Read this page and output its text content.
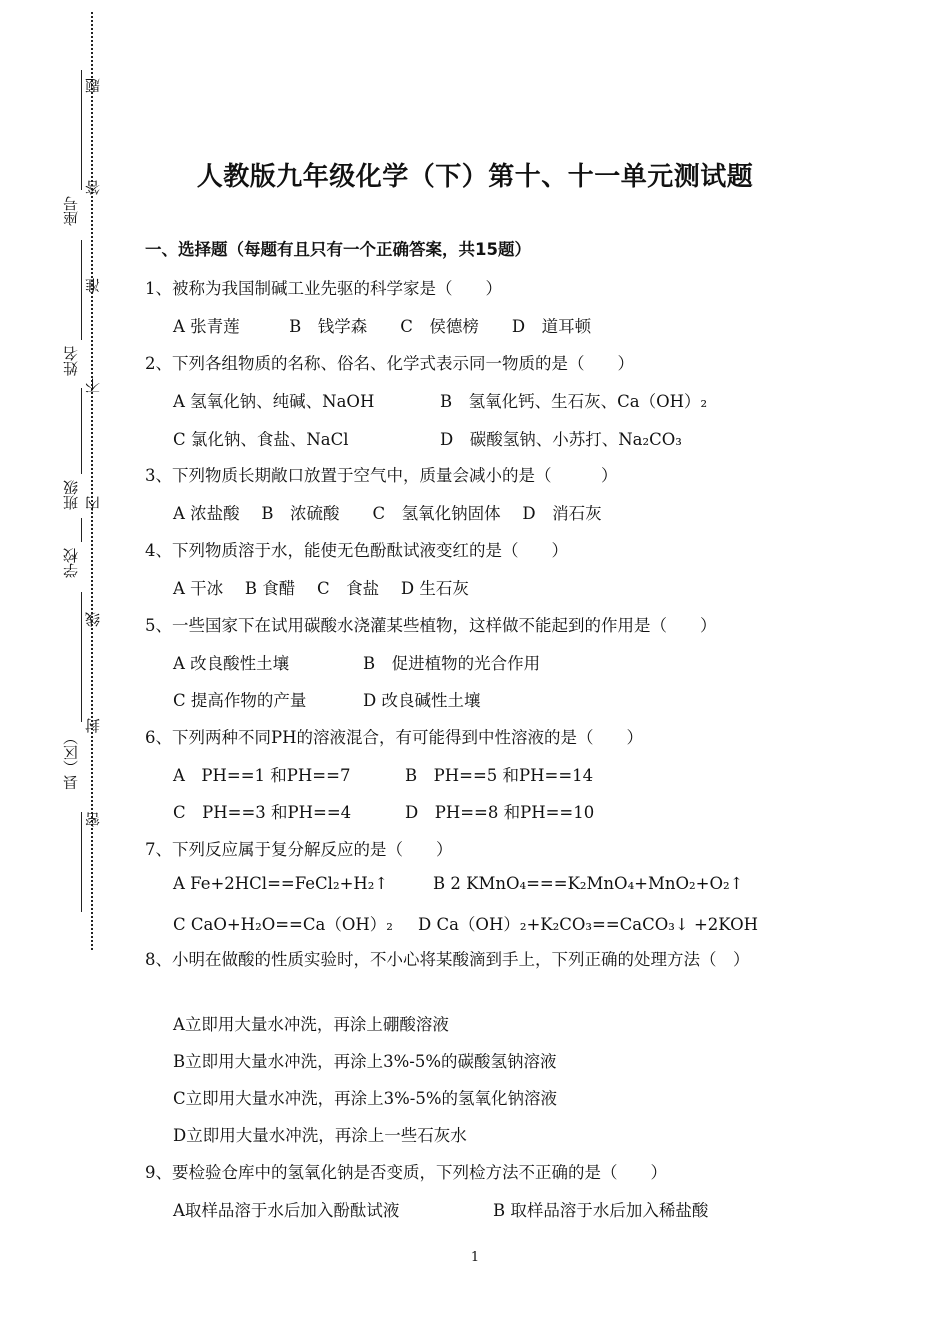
题
答
准
不
内
线
封
密
座号
姓名
班级
学校
县（区）
人教版九年级化学（下）第十、十一单元测试题
一、选择题（每题有且只有一个正确答案，共15题）
1、被称为我国制碱工业先驱的科学家是（　　）
A 张青莲　　　B　钱学森　　C　侯德榜　　D　道耳顿
2、下列各组物质的名称、俗名、化学式表示同一物质的是（　　）
A 氢氧化钠、纯碱、NaOH	B　氢氧化钙、生石灰、Ca（OH）₂
C 氯化钠、食盐、NaCl	D　碳酸氢钠、小苏打、Na₂CO₃
3、下列物质长期敞口放置于空气中，质量会减小的是（　　　）
A 浓盐酸　 B　浓硫酸　　C　氢氧化钠固体　 D　消石灰
4、下列物质溶于水，能使无色酚酞试液变红的是（　　）
A 干冰　 B 食醋　 C　食盐　 D 生石灰
5、一些国家下在试用碳酸水浇灌某些植物，这样做不能起到的作用是（　　）
A 改良酸性土壤	B　促进植物的光合作用
C 提高作物的产量	D 改良碱性土壤
6、下列两种不同PH的溶液混合，有可能得到中性溶液的是（　　）
A　PH==1 和PH==7	B　PH==5 和PH==14
C　PH==3 和PH==4	D　PH==8 和PH==10
7、下列反应属于复分解反应的是（　　）
A Fe+2HCl==FeCl₂+H₂↑	B 2 KMnO₄===K₂MnO₄+MnO₂+O₂↑
C CaO+H₂O==Ca（OH）₂ D Ca（OH）₂+K₂CO₃==CaCO₃↓ +2KOH
8、小明在做酸的性质实验时，不小心将某酸滴到手上，下列正确的处理方法（　）
A立即用大量水冲洗，再涂上硼酸溶液
B立即用大量水冲洗，再涂上3%-5%的碳酸氢钠溶液
C立即用大量水冲洗，再涂上3%-5%的氢氧化钠溶液
D立即用大量水冲洗，再涂上一些石灰水
9、要检验仓库中的氢氧化钠是否变质，下列检方法不正确的是（　　）
A取样品溶于水后加入酚酞试液	B 取样品溶于水后加入稀盐酸
1
